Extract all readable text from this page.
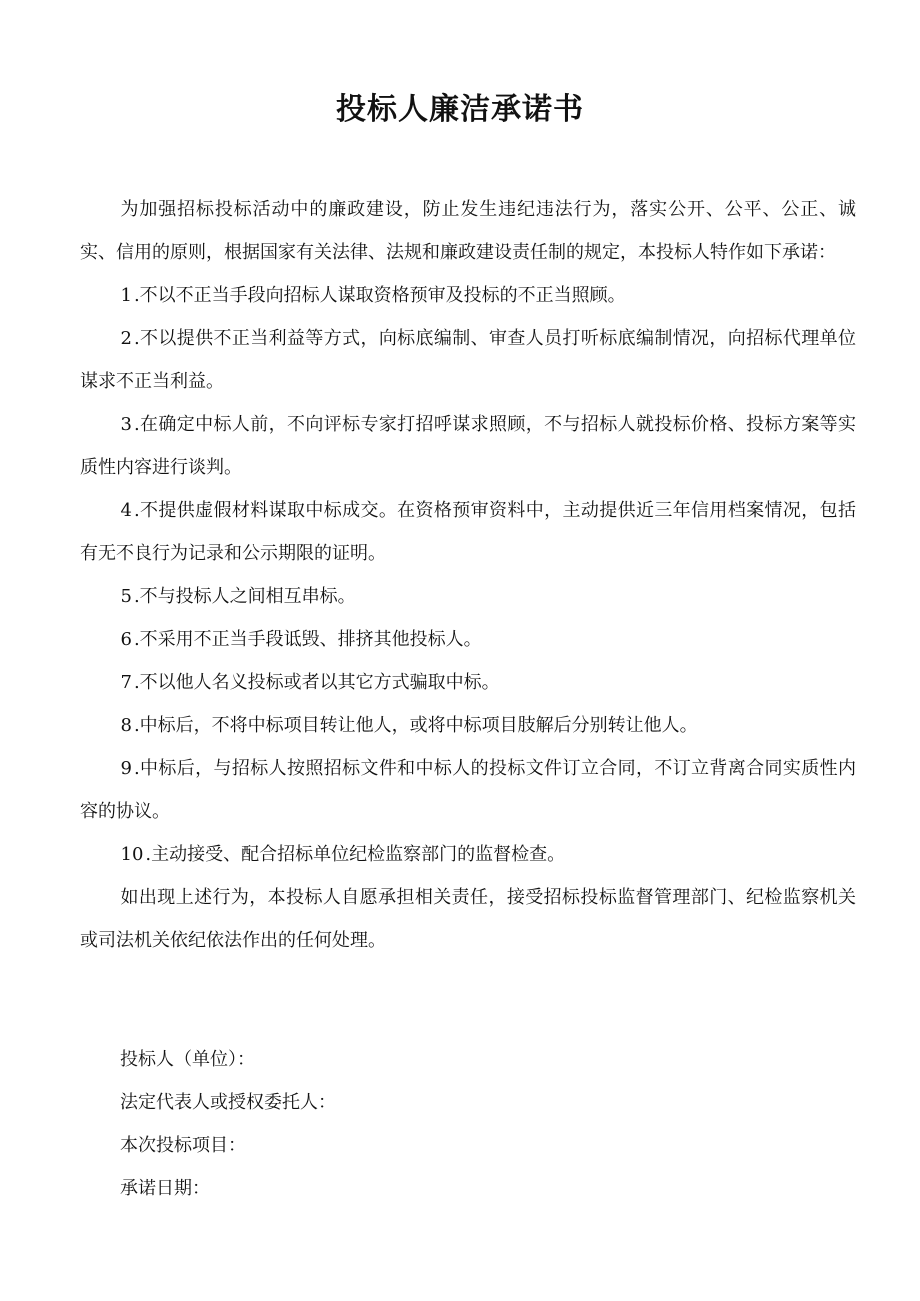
投标人廉洁承诺书

为加强招标投标活动中的廉政建设，防止发生违纪违法行为，落实公开、公平、公正、诚实、信用的原则，根据国家有关法律、法规和廉政建设责任制的规定，本投标人特作如下承诺：

1 .不以不正当手段向招标人谋取资格预审及投标的不正当照顾。

2 .不以提供不正当利益等方式，向标底编制、审查人员打听标底编制情况，向招标代理单位谋求不正当利益。

3 .在确定中标人前，不向评标专家打招呼谋求照顾，不与招标人就投标价格、投标方案等实质性内容进行谈判。

4 .不提供虚假材料谋取中标成交。在资格预审资料中，主动提供近三年信用档案情况，包括有无不良行为记录和公示期限的证明。

5 .不与投标人之间相互串标。

6 .不采用不正当手段诋毁、排挤其他投标人。

7 .不以他人名义投标或者以其它方式骗取中标。

8 .中标后，不将中标项目转让他人，或将中标项目肢解后分别转让他人。

9 .中标后，与招标人按照招标文件和中标人的投标文件订立合同，不订立背离合同实质性内容的协议。

10 .主动接受、配合招标单位纪检监察部门的监督检查。

如出现上述行为，本投标人自愿承担相关责任，接受招标投标监督管理部门、纪检监察机关或司法机关依纪依法作出的任何处理。

投标人（单位）：

法定代表人或授权委托人：

本次投标项目：

承诺日期：
